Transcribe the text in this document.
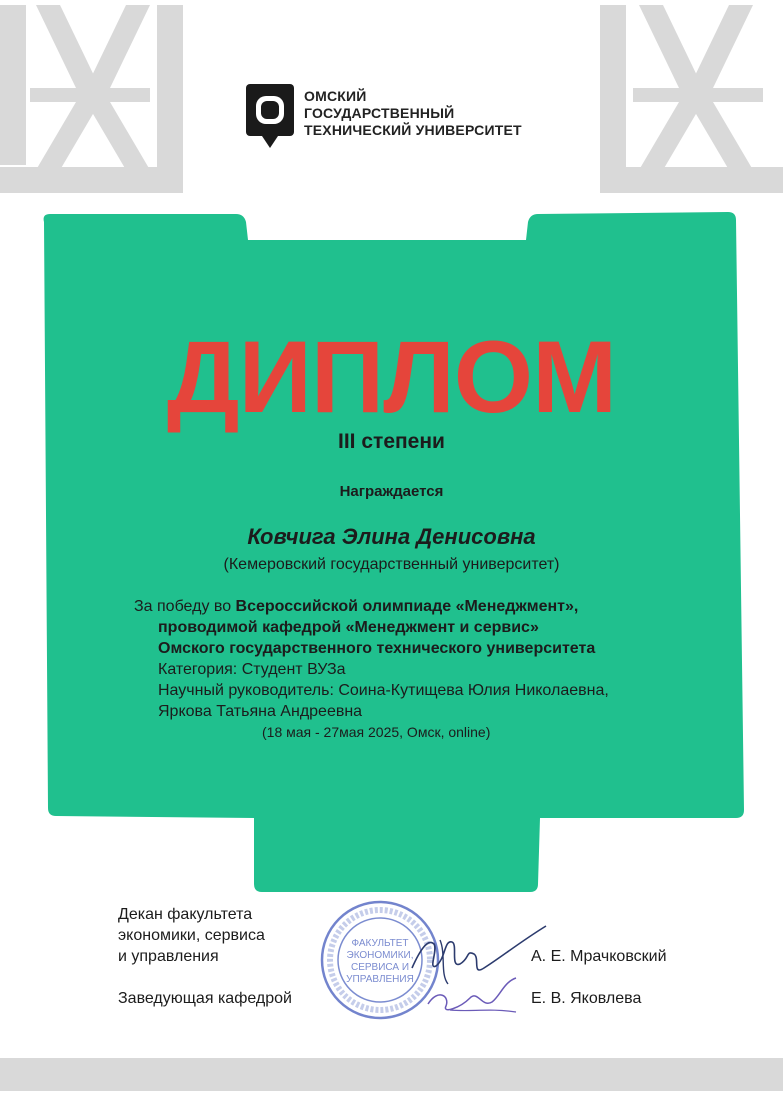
ОМСКИЙ
ГОСУДАРСТВЕННЫЙ
ТЕХНИЧЕСКИЙ УНИВЕРСИТЕТ
ДИПЛОМ
III степени
Награждается
Ковчига Элина Денисовна
(Кемеровский государственный университет)
За победу во Всероссийской олимпиаде «Менеджмент»,
проводимой кафедрой «Менеджмент и сервис»
Омского государственного технического университета
Категория: Студент ВУЗа
Научный руководитель: Соина-Кутищева Юлия Николаевна,
Яркова Татьяна Андреевна
(18 мая - 27мая 2025, Омск, online)
Декан факультета
экономики, сервиса
и управления
Заведующая кафедрой
А. Е. Мрачковский
Е. В. Яковлева
ФАКУЛЬТЕТ
ЭКОНОМИКИ,
СЕРВИСА И
УПРАВЛЕНИЯ
